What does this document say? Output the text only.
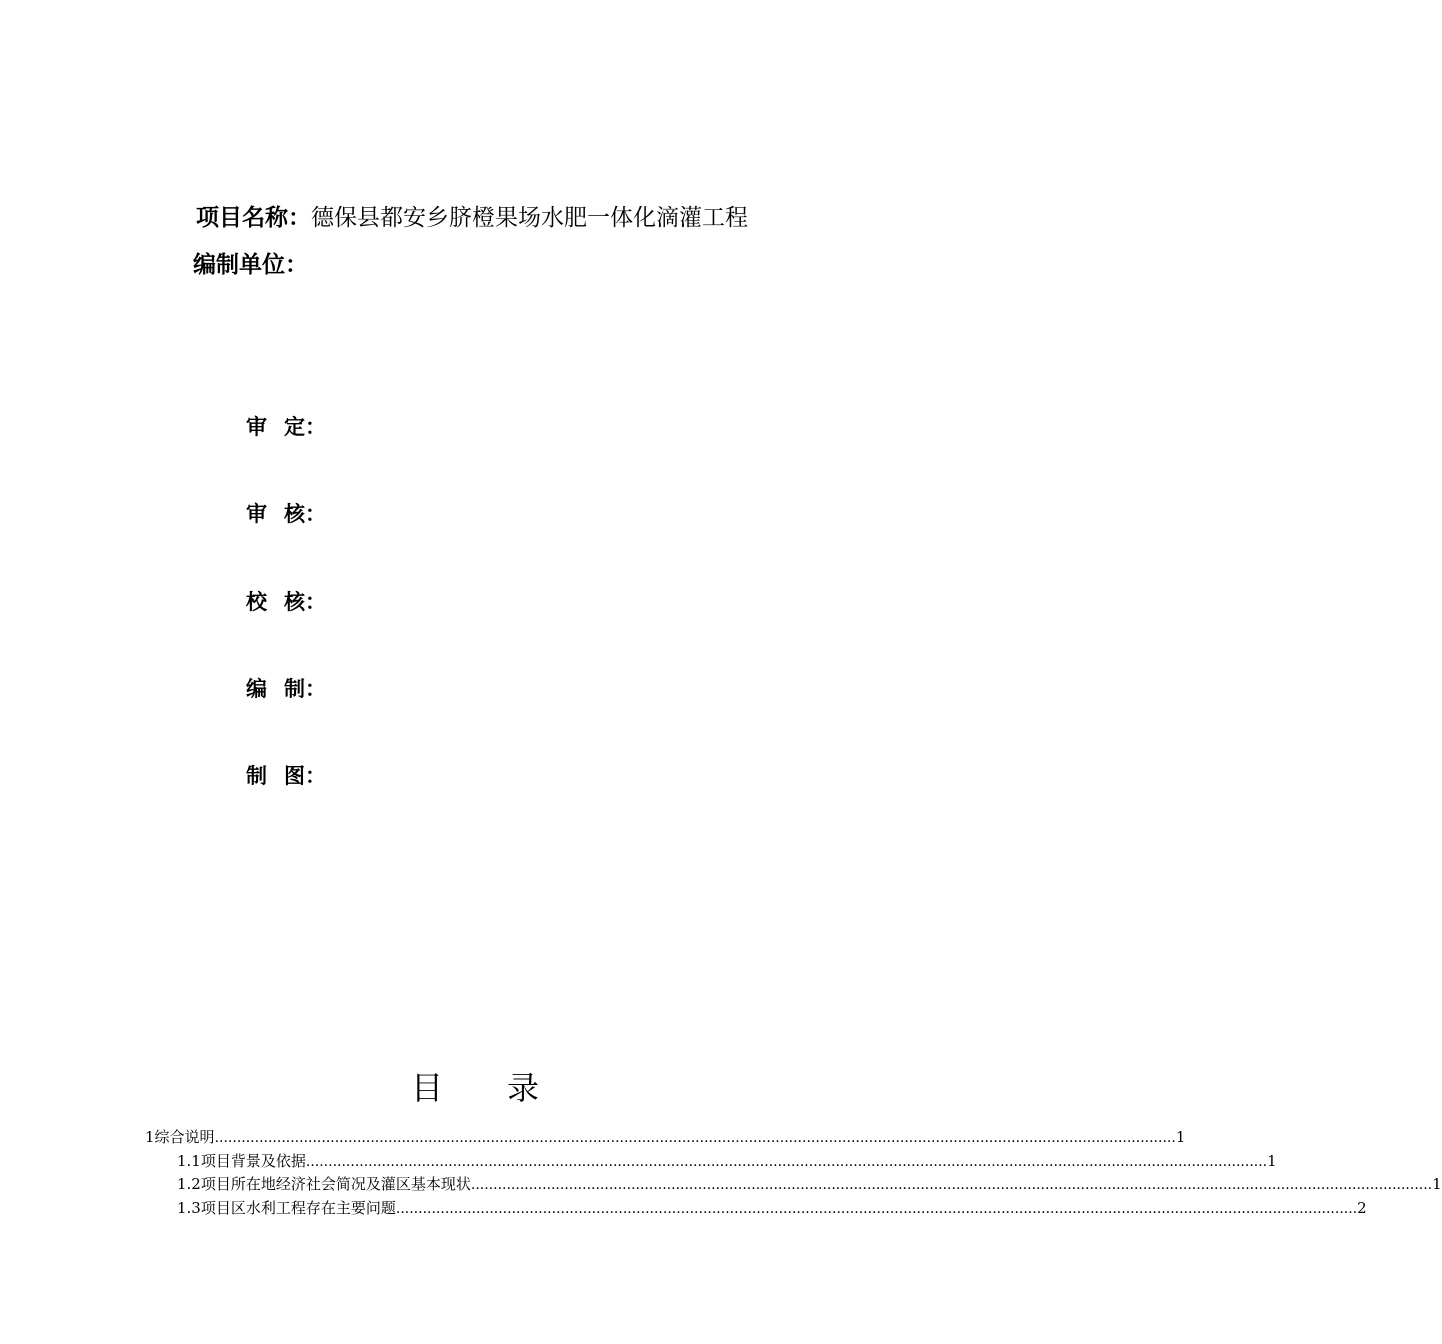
项目名称：德保县都安乡脐橙果场水肥一体化滴灌工程
编制单位：
审 定：
审 核：
校 核：
编 制：
制 图：
目 录
1 综合说明 ........................................................................................................................................................................................................................ 1
1.1 项目背景及依据 ........................................................................................................................................................................................................................ 1
1.2 项目所在地经济社会简况及灌区基本现状 ........................................................................................................................................................................................................................ 1
1.3 项目区水利工程存在主要问题 ........................................................................................................................................................................................................................ 2
